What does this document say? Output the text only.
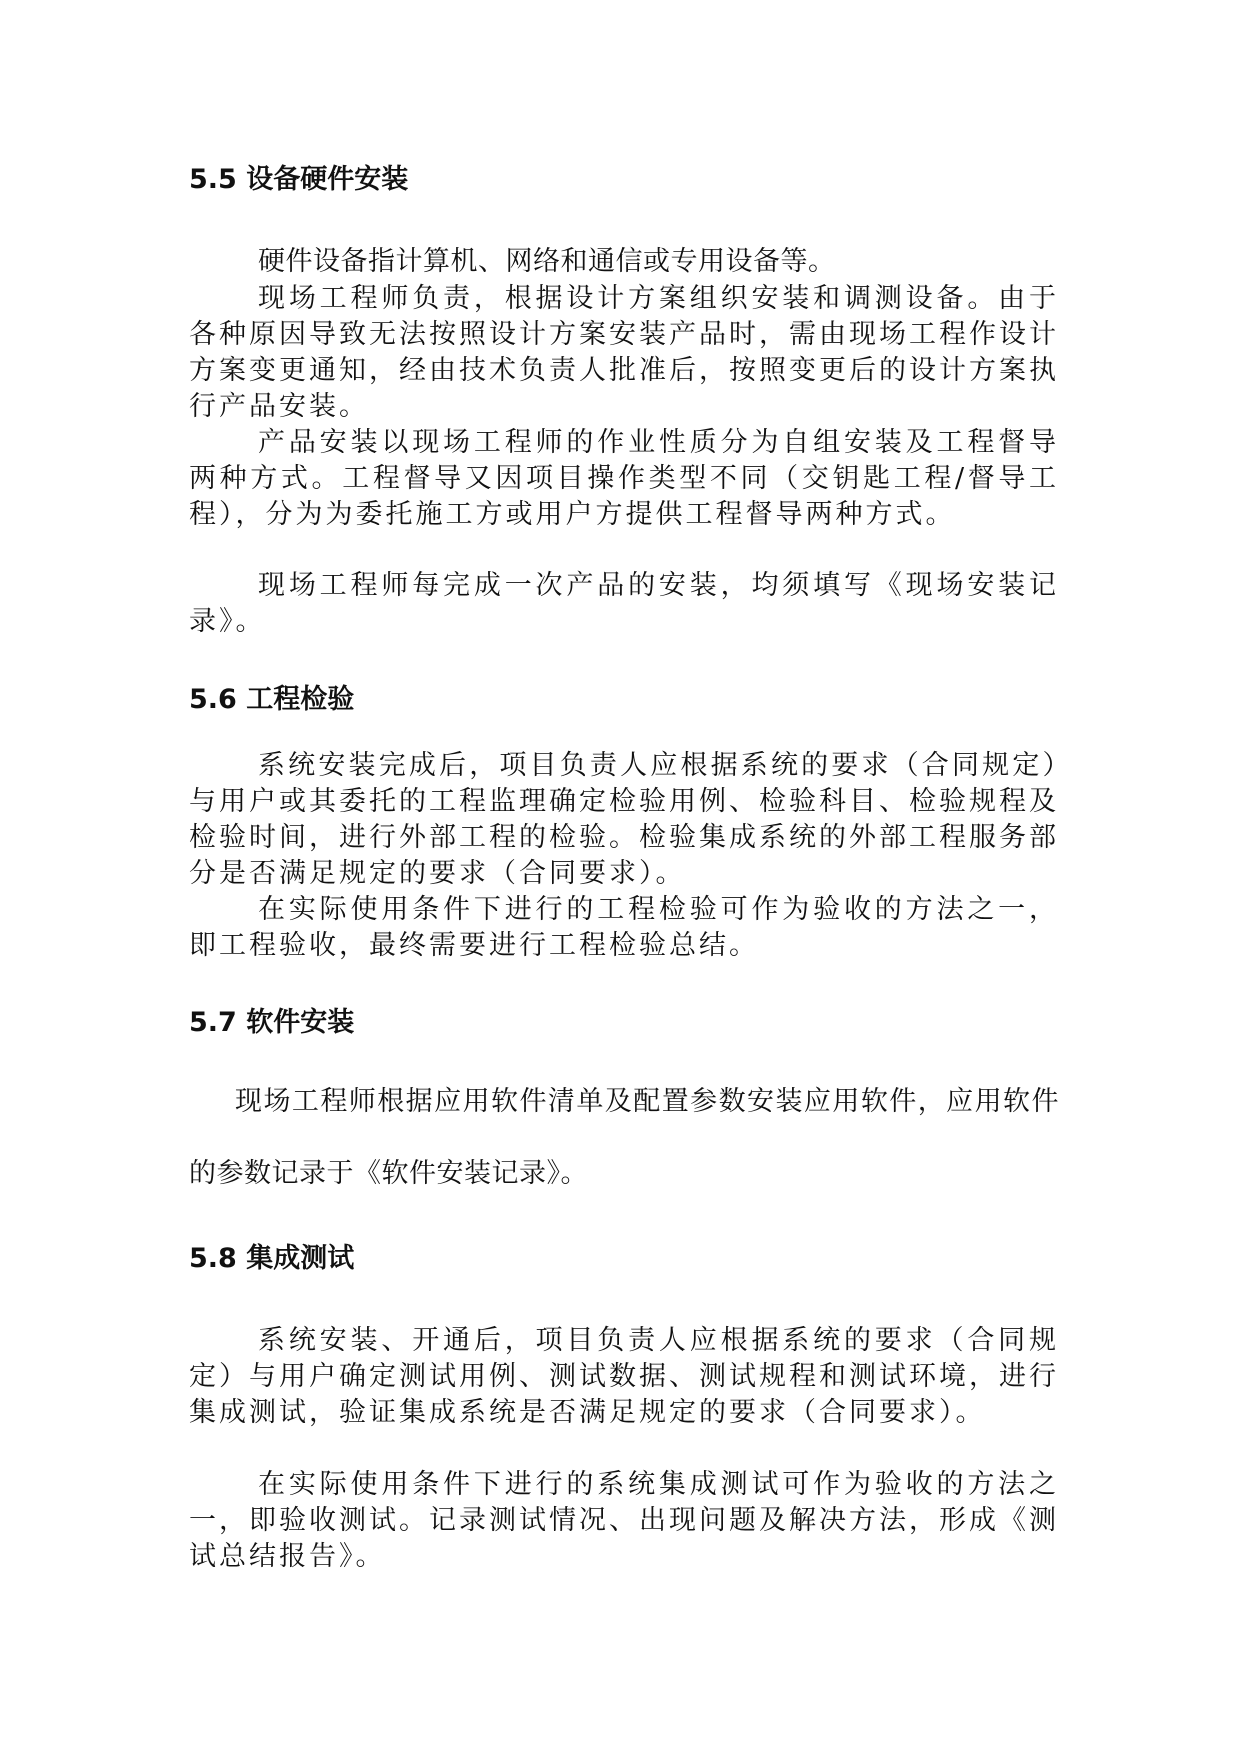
5.5 设备硬件安装

硬件设备指计算机、网络和通信或专用设备等。

现场工程师负责，根据设计方案组织安装和调测设备。由于各种原因导致无法按照设计方案安装产品时，需由现场工程作设计方案变更通知，经由技术负责人批准后，按照变更后的设计方案执行产品安装。

产品安装以现场工程师的作业性质分为自组安装及工程督导两种方式。工程督导又因项目操作类型不同（交钥匙工程/督导工程），分为为委托施工方或用户方提供工程督导两种方式。

现场工程师每完成一次产品的安装，均须填写《现场安装记录》。

5.6 工程检验

系统安装完成后，项目负责人应根据系统的要求（合同规定）与用户或其委托的工程监理确定检验用例、检验科目、检验规程及检验时间，进行外部工程的检验。检验集成系统的外部工程服务部分是否满足规定的要求（合同要求）。

在实际使用条件下进行的工程检验可作为验收的方法之一，即工程验收，最终需要进行工程检验总结。

5.7 软件安装

现场工程师根据应用软件清单及配置参数安装应用软件，应用软件的参数记录于《软件安装记录》。

5.8 集成测试

系统安装、开通后，项目负责人应根据系统的要求（合同规定）与用户确定测试用例、测试数据、测试规程和测试环境，进行集成测试，验证集成系统是否满足规定的要求（合同要求）。

在实际使用条件下进行的系统集成测试可作为验收的方法之一，即验收测试。记录测试情况、出现问题及解决方法，形成《测试总结报告》。
